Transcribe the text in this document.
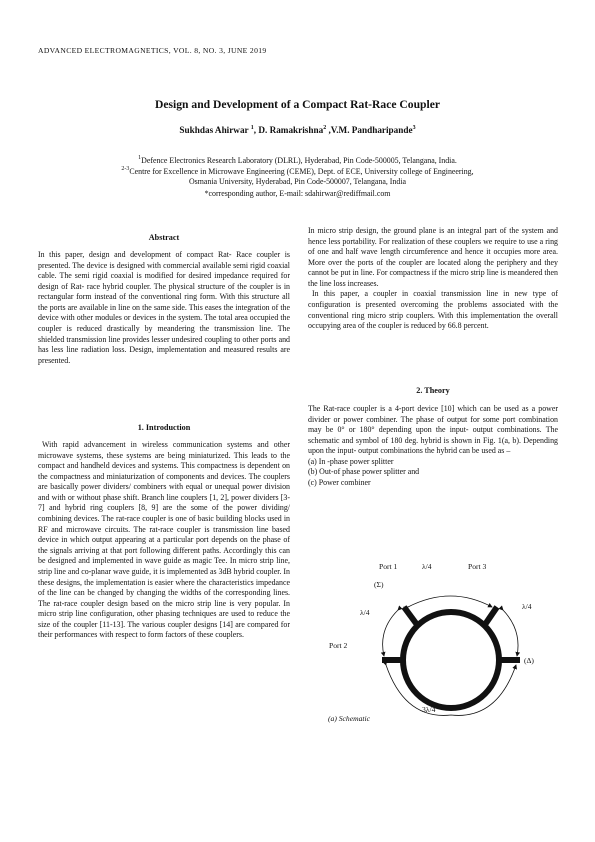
ADVANCED ELECTROMAGNETICS, VOL. 8, NO. 3, JUNE 2019
Design and Development of a Compact Rat-Race Coupler
Sukhdas Ahirwar $^1$, D. Ramakrishna$^2$ ,V.M. Pandharipande$^3$
$^1$Defence Electronics Research Laboratory (DLRL), Hyderabad, Pin Code-500005, Telangana, India.
$^{2-3}$Centre for Excellence in Microwave Engineering (CEME), Dept. of ECE, University college of Engineering,
Osmania University, Hyderabad, Pin Code-500007, Telangana, India
*corresponding author, E-mail: sdahirwar@rediffmail.com
Abstract

In this paper, design and development of compact Rat- Race coupler is presented. The device is designed with commercial available semi rigid coaxial cable. The semi rigid coaxial is modified for desired impedance required for design of Rat- race hybrid coupler. The physical structure of the coupler is in rectangular form instead of the conventional ring form. With this structure all the ports are available in line on the same side. This eases the integration of the device with other modules or devices in the system. The total area occupied the coupler is reduced drastically by meandering the transmission line. The shielded transmission line provides lesser undesired coupling to other ports and has less line radiation loss. Design, implementation and measured results are presented.

1. Introduction

With rapid advancement in wireless communication systems and other microwave systems, these systems are being miniaturized. This leads to the compact and handheld devices and systems. This compactness is dependent on the compactness and miniaturization of components and devices. The couplers are basically power dividers/ combiners with equal or unequal power division and with or without phase shift. Branch line couplers [1, 2], power dividers [3-7] and hybrid ring couplers [8, 9] are the some of the power dividing/ combining devices. The rat-race coupler is one of basic building blocks used in RF and microwave circuits. The rat-race coupler is transmission line based device in which output appearing at a particular port depends on the phase of the signals arriving at that port following different paths. Accordingly this can be designed and implemented in wave guide as magic Tee. In micro strip line, strip line and co-planar wave guide, it is implemented as 3dB hybrid coupler. In these designs, the implementation is easier where the characteristics impedance of the line can be changed by changing the widths of the corresponding lines. The rat-race coupler design based on the micro strip line is very popular. In micro strip line configuration, other phasing techniques are used to reduce the size of the coupler [11-13]. The various coupler designs [14] are compared for their performances with respect to form factors of these couplers.

In micro strip design, the ground plane is an integral part of the system and hence less portability. For realization of these couplers we require to use a ring of one and half wave length circumference and hence it occupies more area. More over the ports of the coupler are located along the periphery and they cannot be put in line. For compactness if the micro strip line is meandered then the line loss increases.

In this paper, a coupler in coaxial transmission line in new type of configuration is presented overcoming the problems associated with the conventional ring micro strip couplers. With this implementation the overall occupying area of the coupler is reduced by 66.8 percent.

2. Theory

The Rat-race coupler is a 4-port device [10] which can be used as a power divider or power combiner. The phase of output for some port combination may be 0° or 180° depending upon the input- output combinations. The schematic and symbol of 180 deg. hybrid is shown in Fig. 1(a, b). Depending upon the input- output combinations the hybrid can be used as –

(a) In -phase power splitter
(b) Out-of phase power splitter and
(c) Power combiner
Port 1	λ/4	Port 3
(Σ)
λ/4
λ/4
Port 2
(Δ)
P
3λ/4
(a) Schematic
